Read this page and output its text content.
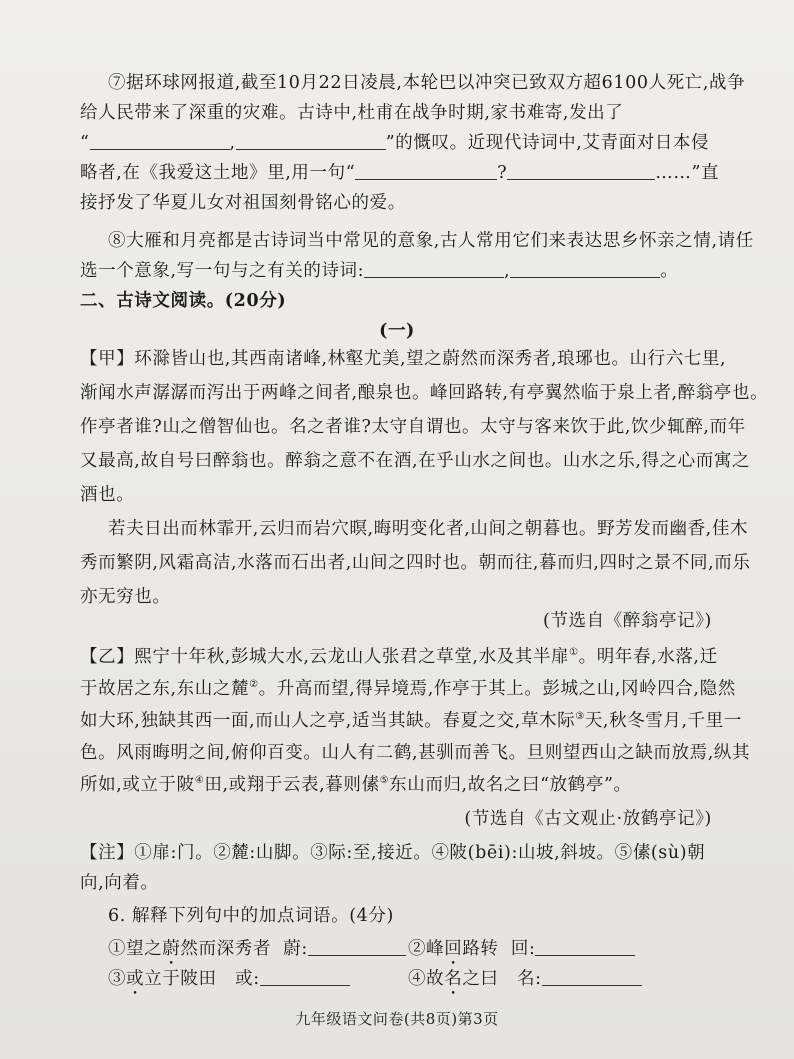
⑦据环球网报道,截至10月22日凌晨,本轮巴以冲突已致双方超6100人死亡,战争
给人民带来了深重的灾难。古诗中,杜甫在战争时期,家书难寄,发出了
“	,	”的慨叹。近现代诗词中,艾青面对日本侵
略者,在《我爱这土地》里,用一句“	?	……”直
接抒发了华夏儿女对祖国刻骨铭心的爱。
⑧大雁和月亮都是古诗词当中常见的意象,古人常用它们来表达思乡怀亲之情,请任
选一个意象,写一句与之有关的诗词:	,	。
二、古诗文阅读。(20分)
(一)
【甲】环滁皆山也,其西南诸峰,林壑尤美,望之蔚然而深秀者,琅琊也。山行六七里,
渐闻水声潺潺而泻出于两峰之间者,酿泉也。峰回路转,有亭翼然临于泉上者,醉翁亭也。
作亭者谁?山之僧智仙也。名之者谁?太守自谓也。太守与客来饮于此,饮少辄醉,而年
又最高,故自号曰醉翁也。醉翁之意不在酒,在乎山水之间也。山水之乐,得之心而寓之
酒也。
若夫日出而林霏开,云归而岩穴暝,晦明变化者,山间之朝暮也。野芳发而幽香,佳木
秀而繁阴,风霜高洁,水落而石出者,山间之四时也。朝而往,暮而归,四时之景不同,而乐
亦无穷也。
(节选自《醉翁亭记》)
【乙】熙宁十年秋,彭城大水,云龙山人张君之草堂,水及其半扉①。明年春,水落,迁
于故居之东,东山之麓②。升高而望,得异境焉,作亭于其上。彭城之山,冈岭四合,隐然
如大环,独缺其西一面,而山人之亭,适当其缺。春夏之交,草木际③天,秋冬雪月,千里一
色。风雨晦明之间,俯仰百变。山人有二鹤,甚驯而善飞。旦则望西山之缺而放焉,纵其
所如,或立于陂④田,或翔于云表,暮则傃⑤东山而归,故名之曰“放鹤亭”。
(节选自《古文观止·放鹤亭记》)
【注】①扉:门。②麓:山脚。③际:至,接近。④陂(bēi):山坡,斜坡。⑤傃(sù)朝
向,向着。
6. 解释下列句中的加点词语。(4分)
①望之蔚然而深秀者 蔚:	②峰回路转 回:
③或立于陂田 或:	④故名之曰 名:
九年级语文问卷(共8页)第3页
